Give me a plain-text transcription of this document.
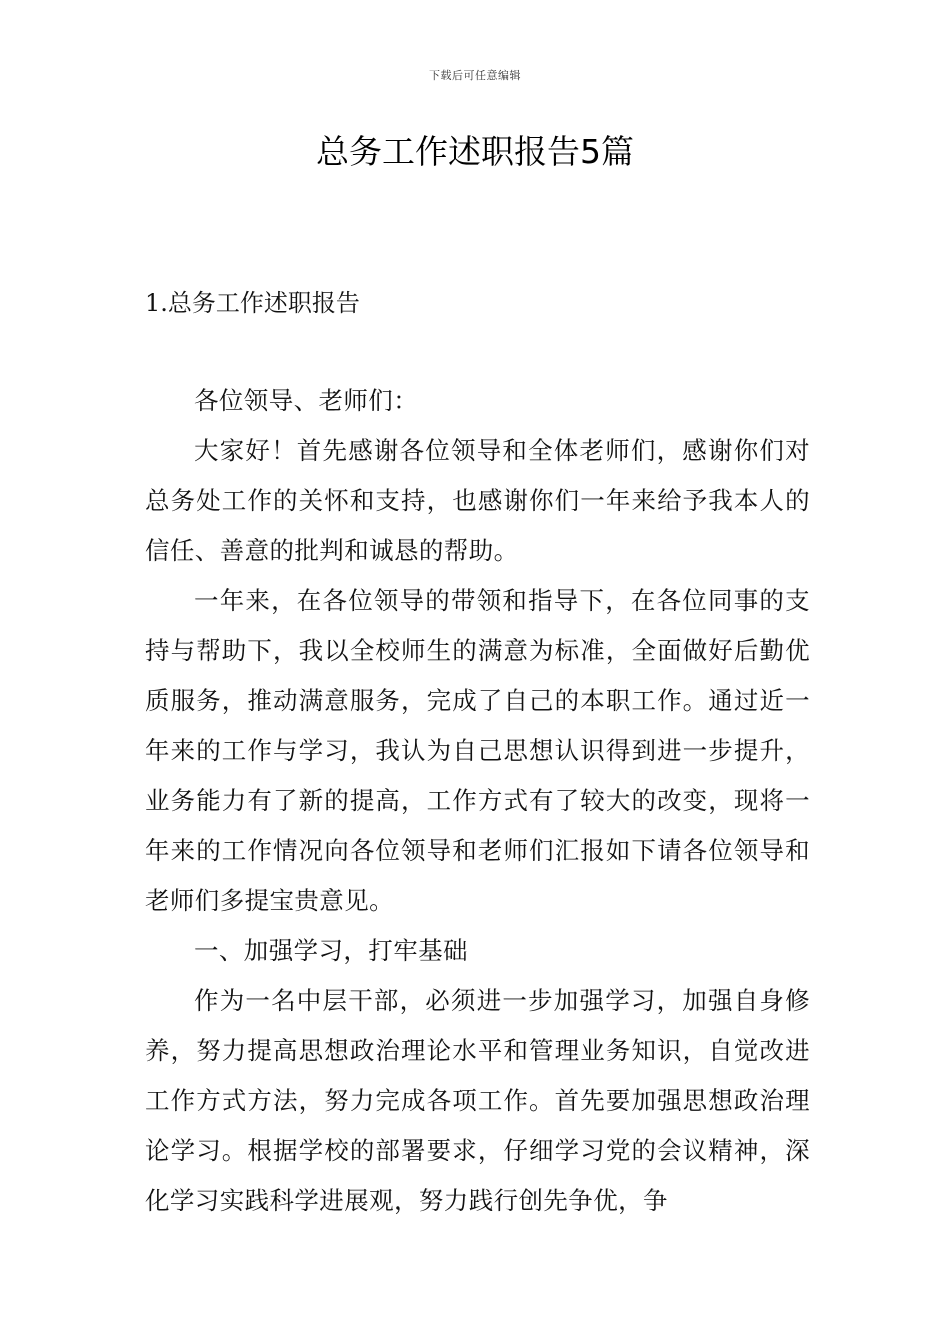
下载后可任意编辑
总务工作述职报告5篇
1.总务工作述职报告

各位领导、老师们：

大家好！首先感谢各位领导和全体老师们，感谢你们对总务处工作的关怀和支持，也感谢你们一年来给予我本人的信任、善意的批判和诚恳的帮助。

一年来，在各位领导的带领和指导下，在各位同事的支持与帮助下，我以全校师生的满意为标准，全面做好后勤优质服务，推动满意服务，完成了自己的本职工作。通过近一年来的工作与学习，我认为自己思想认识得到进一步提升，业务能力有了新的提高，工作方式有了较大的改变，现将一年来的工作情况向各位领导和老师们汇报如下请各位领导和老师们多提宝贵意见。

一、加强学习，打牢基础

作为一名中层干部，必须进一步加强学习，加强自身修养，努力提高思想政治理论水平和管理业务知识，自觉改进工作方式方法，努力完成各项工作。首先要加强思想政治理论学习。根据学校的部署要求，仔细学习党的会议精神，深化学习实践科学进展观，努力践行创先争优，争
